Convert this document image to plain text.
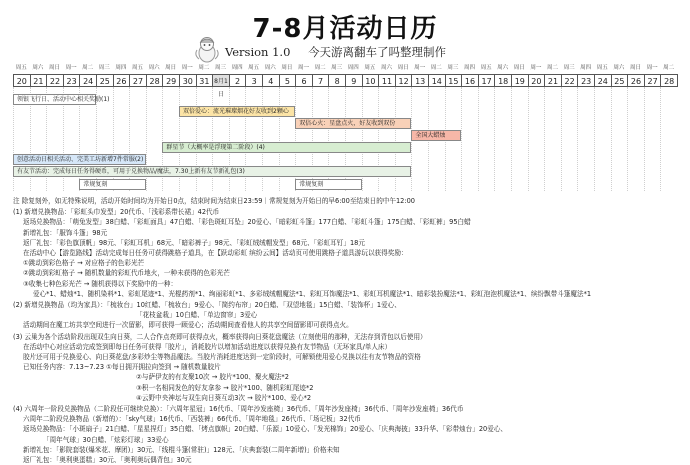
7-8月活动日历
Version 1.0 今天游离翻车了吗整理制作
周五
20
周六
21
周日
22
周一
23
周二
24
周三
25
周四
26
周五
27
周六
28
周日
29
周一
30
周二
31
周三
8月1日
周四
2
周五
3
周六
4
周日
5
周一
6
周二
7
周三
8
周四
9
周五
10
周六
11
周日
12
周一
13
周二
14
周三
15
周四
16
周五
17
周六
18
周日
19
周一
20
周二
21
周三
22
周四
23
周五
24
周六
25
周日
26
周一
27
周二
28
领银飞行日、活动中心相关奖励(1)
双倍爱心：流光璀璨烟花好友收到2颗心
双倍心火：星盘点火，好友收到双份
全国大蜡烛
群星节（大概率是浮现第二阶段）(4)
创意活动日相关活动、完美工坊新增7件常服(2)
有友节活动：完成每日任务得硬币，可用于兑换物品/魔法，7.30上新有友节新礼包(3)
常规复刻	常规复刻
注 除复刻外，如无特殊说明，活动开始时间均为开始日0点，结束时间为结束日23:59｜常规复刻为开始日的早6:00至结束日的中午12:00
(1) 新增兑换物品：「彩虹头巾发型」20代币、「浅彩系带长裙」42代币
返场兑换物品：「萌兔发型」38白蜡、「彩虹面具」47白蜡、「彩色斑虹耳坠」20爱心、「暗彩虹斗篷」177白蜡、「彩虹斗篷」175白蜡、「彩虹裤」95白蜡
新增礼包：「服饰斗篷」98元
返厂礼包：「彩色旗顶帆」98元、「彩虹耳机」68元、「暗彩裤子」98元、「彩虹绒绒帽发型」68元、「彩虹耳钉」18元
在活动中心【游览路线】活动完成每日任务可获得跳格子道具，在【跃动彩虹 缤纷云间】活动页可使用跳格子道具游玩以获得奖励：
①跳动到彩色格子 → 对应格子的色彩光芒
②跳动到彩虹格子 → 随机数量的彩虹代币地火，一种未获得的色彩光芒
③收集七种色彩光芒 → 随机获得以下奖励中的一种：
爱心*1、蜡烛*1、随机染料*1、彩虹尾迹*1、光棍药剂*1、绚丽彩虹*1、多彩绒绒帽魔法*1、彩虹耳饰魔法*1、彩虹耳机魔法*1、暗彩装扮魔法*1、彩虹泡泡机魔法*1、缤纷飘带斗篷魔法*1
(2) 新增兑换物品（均为家具）：「梳妆台」10红蜡、「梳妆台」9爱心、「简约布帘」20白蜡、「双望地毯」15白蜡、「装饰杯」1爱心、
「花枝盆栽」10白蜡、「单边窗帘」3爱心
活动期间在魔工坊共享空间进行一次留影，即可获得一顾爱心；活动期间查看他人的共享空间留影即可获得点火。
(3) 云巢为各个活动阶段出现双生向日葵，二人合作点亮即可获得点火，概率获得向日葵花盘魔法（立刻使用的那种，无法存到背包以后使用）
在活动中心对应活动完成签到即每日任务可获得「胶片」，消耗胶片以增加活动进度以获得兑换有友节物品（无环家具/单人床）
胶片还可用于兑换爱心、向日葵花盘/多彩炒尘等物品魔法。当胶片消耗进度达到一定阶段时，可解锁使用爱心兑换以往有友节物品的资格
已知任务内容：7.13~7.23 ①每日拥开拥拉向签到 → 随机数量胶片
②与萨伊友的有友聚10次 → 胶片*100、聚火魔法*2
③积一名相同发色的好友拿参 → 胶片*100、随机彩虹尾迹*2
④云野中央神坛与双生向日葵互动3次 → 胶片*100、爱心*2
(4) 六周年一阶段兑换物品（二阶段任可继续兑换）：「六周年星冠」16代币、「周年沙发座椅」36代币、「周年沙发座椅」36代币、「周年沙发座椅」36代币
六周年二阶段兑换物品（新增的）：「sky气球」16代币、「西装裤」66代币、「周年地毯」26代币、「场记板」32代币
返场兑换物品：「小斑扇子」21白蜡、「星星捏灯」35白蜡、「烤点旗帜」20白蜡、「乐源」10爱心、「发光棉饰」20爱心、「庆典海披」33升华、「彩带烛台」20爱心、
「周年气球」30白蜡、「炫彩灯球」33爱心
新增礼包：「影院套装(爆米花、摩团)」30元、「线棍斗篷(常驻)」128元、「庆典套装(二周年新增)」价格未知
返厂礼包：「奥利奥蛋糕」30元、「奥利奥玩偶背包」30元
